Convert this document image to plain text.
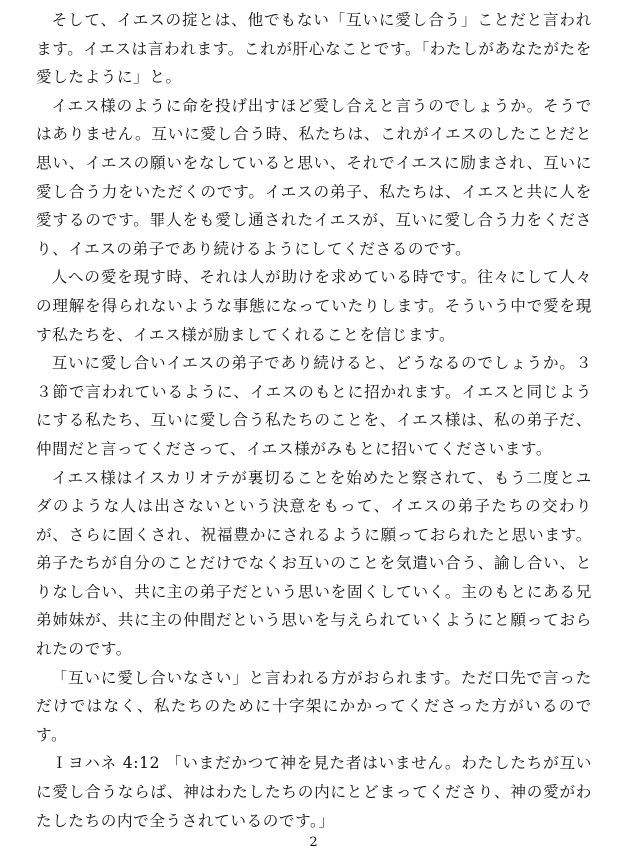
そして、イエスの掟とは、他でもない「互いに愛し合う」ことだと言われます。イエスは言われます。これが肝心なことです。「わたしがあなたがたを愛したように」と。

イエス様のように命を投げ出すほど愛し合えと言うのでしょうか。そうではありません。互いに愛し合う時、私たちは、これがイエスのしたことだと思い、イエスの願いをなしていると思い、それでイエスに励まされ、互いに愛し合う力をいただくのです。イエスの弟子、私たちは、イエスと共に人を愛するのです。罪人をも愛し通されたイエスが、互いに愛し合う力をくださり、イエスの弟子であり続けるようにしてくださるのです。

人への愛を現す時、それは人が助けを求めている時です。往々にして人々の理解を得られないような事態になっていたりします。そういう中で愛を現す私たちを、イエス様が励ましてくれることを信じます。

互いに愛し合いイエスの弟子であり続けると、どうなるのでしょうか。３３節で言われているように、イエスのもとに招かれます。イエスと同じようにする私たち、互いに愛し合う私たちのことを、イエス様は、私の弟子だ、仲間だと言ってくださって、イエス様がみもとに招いてくださいます。

イエス様はイスカリオテが裏切ることを始めたと察されて、もう二度とユダのような人は出さないという決意をもって、イエスの弟子たちの交わりが、さらに固くされ、祝福豊かにされるように願っておられたと思います。弟子たちが自分のことだけでなくお互いのことを気遣い合う、諭し合い、とりなし合い、共に主の弟子だという思いを固くしていく。主のもとにある兄弟姉妹が、共に主の仲間だという思いを与えられていくようにと願っておられたのです。

「互いに愛し合いなさい」と言われる方がおられます。ただ口先で言っただけではなく、私たちのために十字架にかかってくださった方がいるのです。

Ｉヨハネ 4:12 「いまだかつて神を見た者はいません。わたしたちが互いに愛し合うならば、神はわたしたちの内にとどまってくださり、神の愛がわたしたちの内で全うされているのです。」

2
